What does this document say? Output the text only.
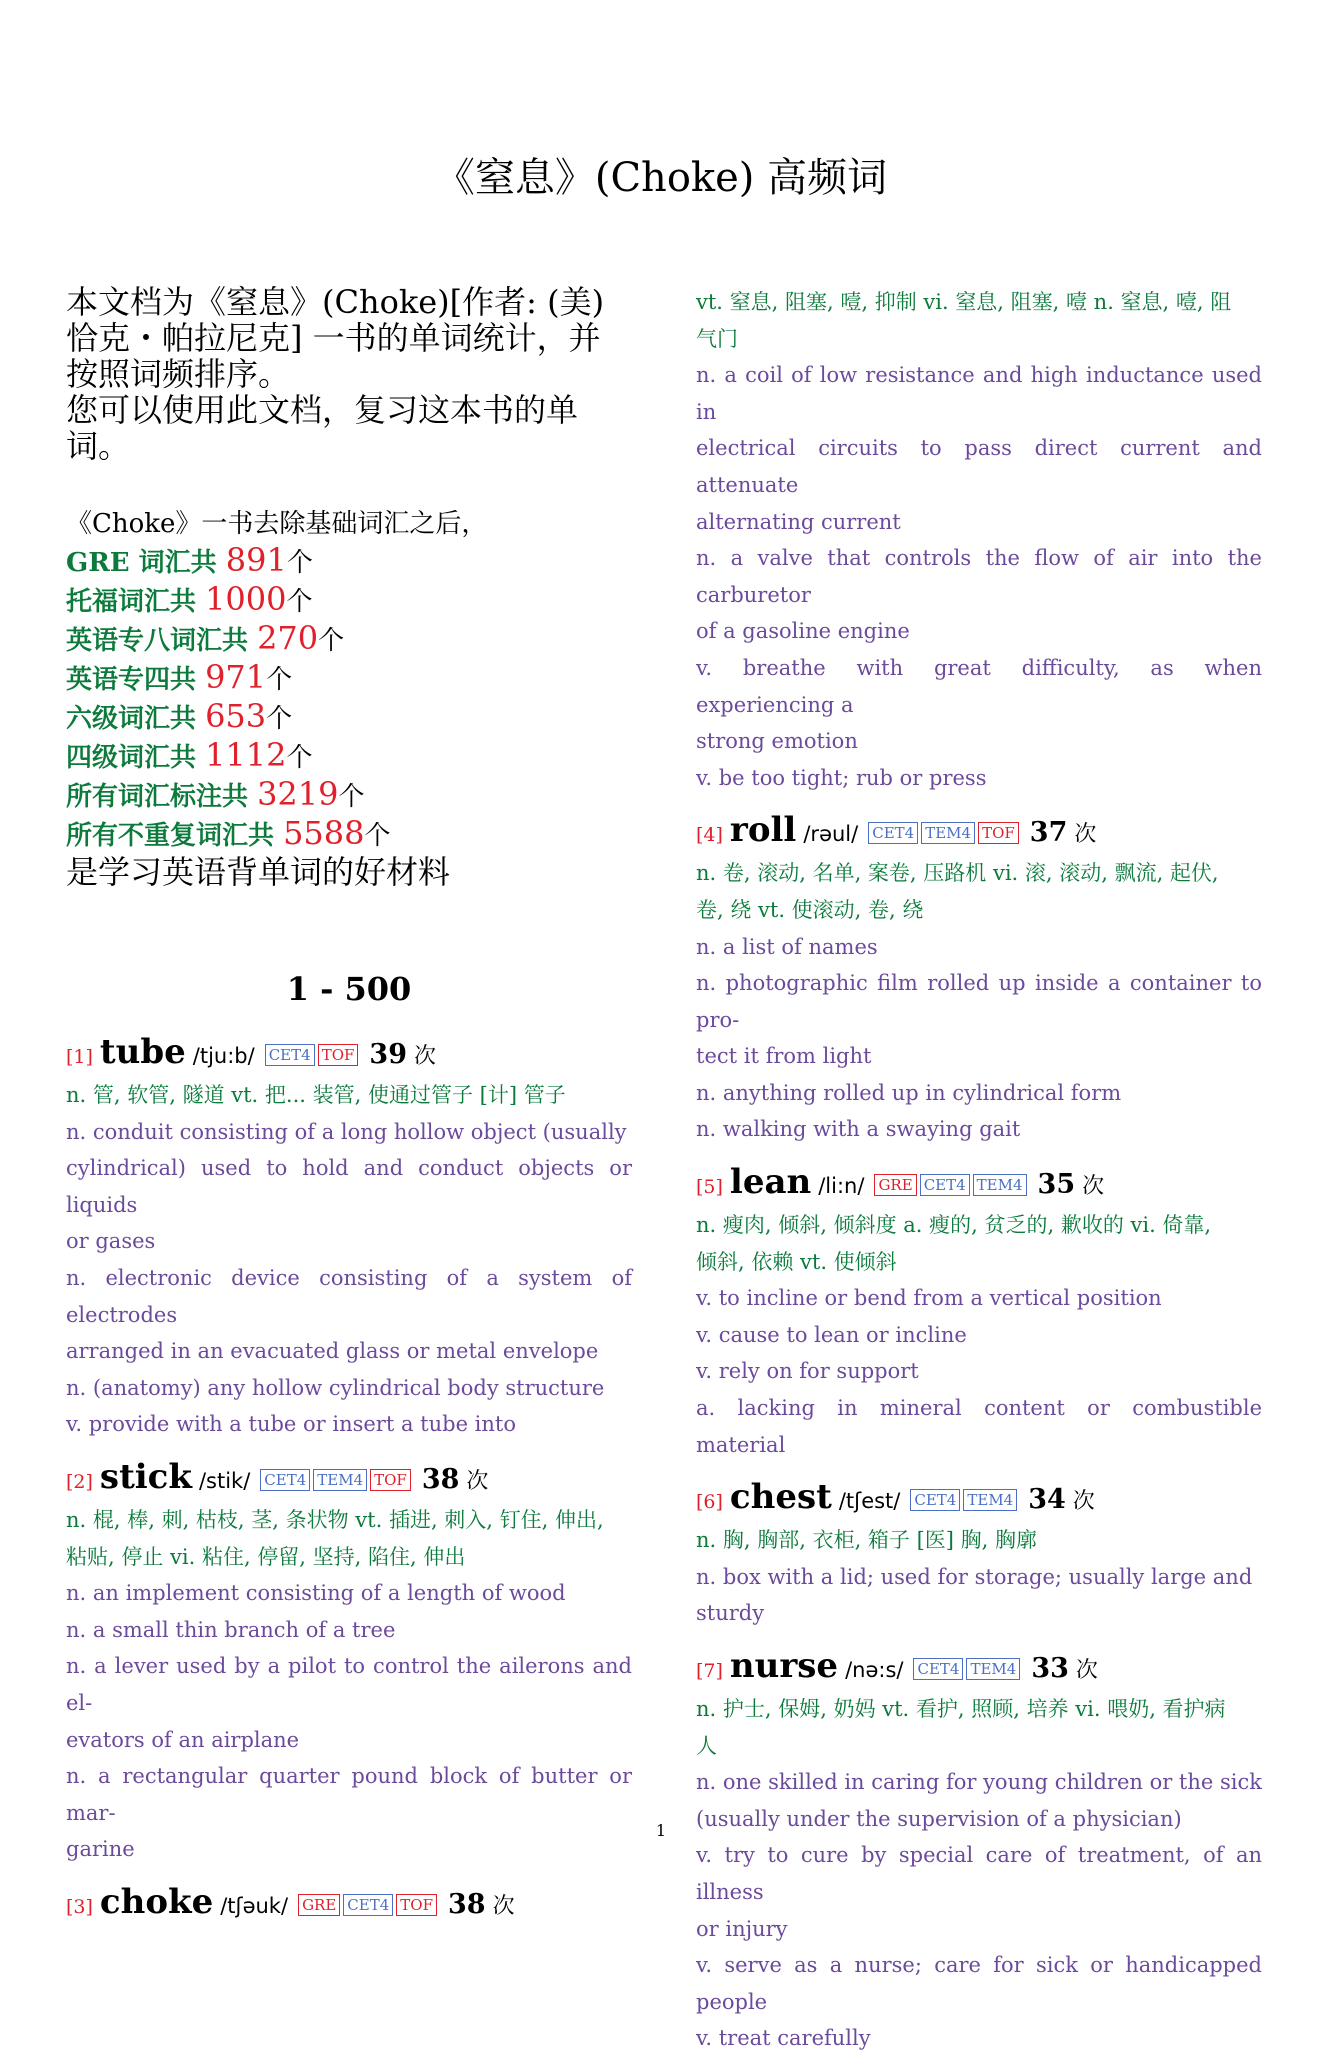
《窒息》(Choke) 高频词
本文档为《窒息》(Choke)[作者: (美)
恰克・帕拉尼克] 一书的单词统计，并
按照词频排序。
您可以使用此文档，复习这本书的单
词。
《Choke》一书去除基础词汇之后，
GRE 词汇共 891个
托福词汇共 1000个
英语专八词汇共 270个
英语专四共 971个
六级词汇共 653个
四级词汇共 1112个
所有词汇标注共 3219个
所有不重复词汇共 5588个
是学习英语背单词的好材料
1 - 500
[1] tube /tju:b/ CET4 TOF 39 次
n. 管, 软管, 隧道 vt. 把... 装管, 使通过管子 [计] 管子
n. conduit consisting of a long hollow object (usually
cylindrical) used to hold and conduct objects or liquids
or gases
n. electronic device consisting of a system of electrodes
arranged in an evacuated glass or metal envelope
n. (anatomy) any hollow cylindrical body structure
v. provide with a tube or insert a tube into
[2] stick /stik/ CET4 TEM4 TOF 38 次
n. 棍, 棒, 刺, 枯枝, 茎, 条状物 vt. 插进, 刺入, 钉住, 伸出,
粘贴, 停止 vi. 粘住, 停留, 坚持, 陷住, 伸出
n. an implement consisting of a length of wood
n. a small thin branch of a tree
n. a lever used by a pilot to control the ailerons and el-
evators of an airplane
n. a rectangular quarter pound block of butter or mar-
garine
[3] choke /tʃəuk/ GRE CET4 TOF 38 次
vt. 窒息, 阻塞, 噎, 抑制 vi. 窒息, 阻塞, 噎 n. 窒息, 噎, 阻
气门
n. a coil of low resistance and high inductance used in
electrical circuits to pass direct current and attenuate
alternating current
n. a valve that controls the flow of air into the carburetor
of a gasoline engine
v. breathe with great difficulty, as when experiencing a
strong emotion
v. be too tight; rub or press
[4] roll /rəul/ CET4 TEM4 TOF 37 次
n. 卷, 滚动, 名单, 案卷, 压路机 vi. 滚, 滚动, 飘流, 起伏,
卷, 绕 vt. 使滚动, 卷, 绕
n. a list of names
n. photographic film rolled up inside a container to pro-
tect it from light
n. anything rolled up in cylindrical form
n. walking with a swaying gait
[5] lean /li:n/ GRE CET4 TEM4 35 次
n. 瘦肉, 倾斜, 倾斜度 a. 瘦的, 贫乏的, 歉收的 vi. 倚靠,
倾斜, 依赖 vt. 使倾斜
v. to incline or bend from a vertical position
v. cause to lean or incline
v. rely on for support
a. lacking in mineral content or combustible material
[6] chest /tʃest/ CET4 TEM4 34 次
n. 胸, 胸部, 衣柜, 箱子 [医] 胸, 胸廓
n. box with a lid; used for storage; usually large and
sturdy
[7] nurse /nə:s/ CET4 TEM4 33 次
n. 护士, 保姆, 奶妈 vt. 看护, 照顾, 培养 vi. 喂奶, 看护病
人
n. one skilled in caring for young children or the sick
(usually under the supervision of a physician)
v. try to cure by special care of treatment, of an illness
or injury
v. serve as a nurse; care for sick or handicapped people
v. treat carefully
1
